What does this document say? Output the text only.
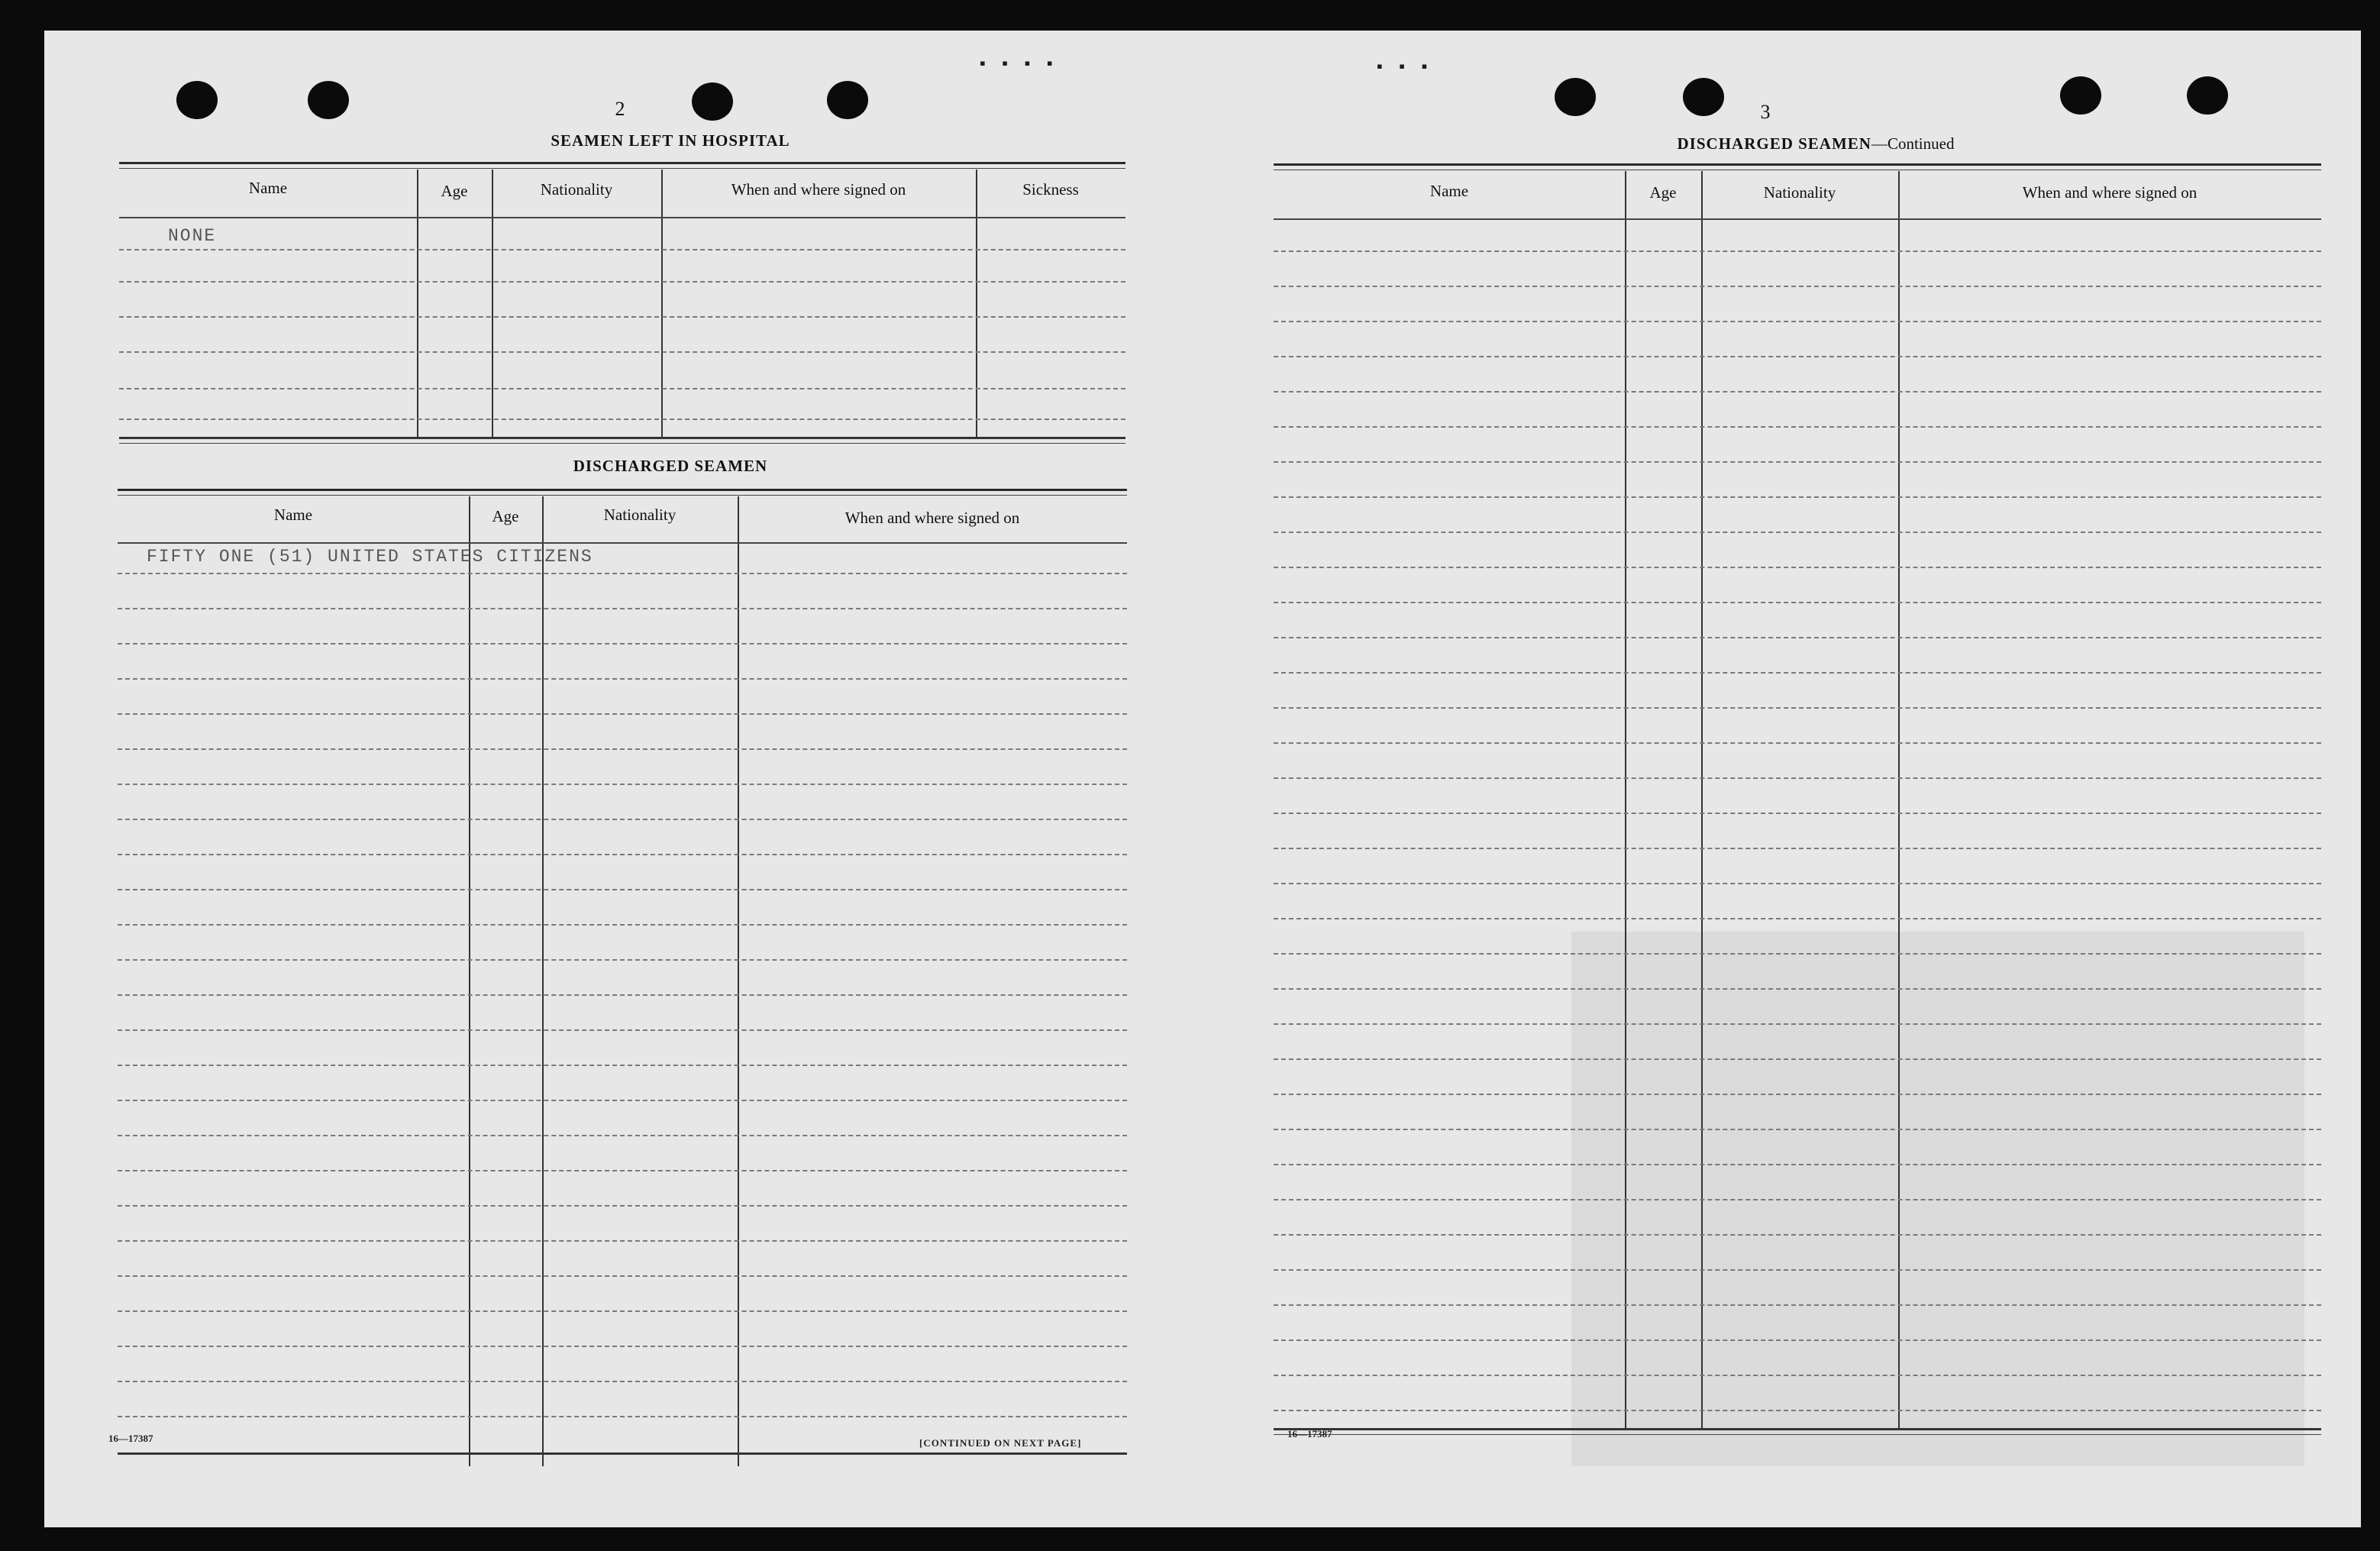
▪ ▪ ▪ ▪	▪ ▪ ▪
2
SEAMEN LEFT IN HOSPITAL
Name	Age	Nationality	When and where signed on	Sickness
NONE
DISCHARGED SEAMEN
Name	Age	Nationality	When and where signed on
FIFTY ONE (51) UNITED STATES CITIZENS
16—17387	[CONTINUED ON NEXT PAGE]
3
DISCHARGED SEAMEN—Continued
Name	Age	Nationality	When and where signed on
16—17387
